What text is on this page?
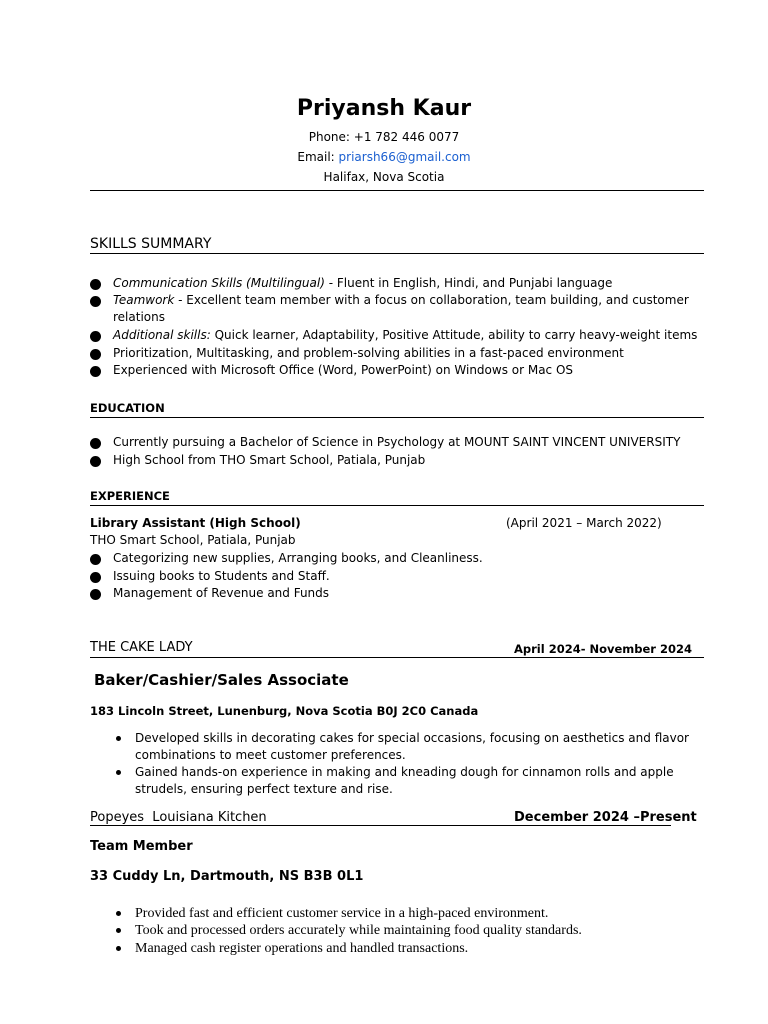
Priyansh Kaur
Phone: +1 782 446 0077
Email: priarsh66@gmail.com
Halifax, Nova Scotia
SKILLS SUMMARY
Communication Skills (Multilingual) - Fluent in English, Hindi, and Punjabi language
Teamwork - Excellent team member with a focus on collaboration, team building, and customer
relations
Additional skills: Quick learner, Adaptability, Positive Attitude, ability to carry heavy-weight items
Prioritization, Multitasking, and problem-solving abilities in a fast-paced environment
Experienced with Microsoft Office (Word, PowerPoint) on Windows or Mac OS
EDUCATION
Currently pursuing a Bachelor of Science in Psychology at MOUNT SAINT VINCENT UNIVERSITY
High School from THO Smart School, Patiala, Punjab
EXPERIENCE
Library Assistant (High School)	(April 2021 – March 2022)
THO Smart School, Patiala, Punjab
Categorizing new supplies, Arranging books, and Cleanliness.
Issuing books to Students and Staff.
Management of Revenue and Funds
THE CAKE LADY	April 2024- November 2024
Baker/Cashier/Sales Associate
183 Lincoln Street, Lunenburg, Nova Scotia B0J 2C0 Canada
Developed skills in decorating cakes for special occasions, focusing on aesthetics and flavor
combinations to meet customer preferences.
Gained hands-on experience in making and kneading dough for cinnamon rolls and apple
strudels, ensuring perfect texture and rise.
Popeyes  Louisiana Kitchen	December 2024 –Present
Team Member
33 Cuddy Ln, Dartmouth, NS B3B 0L1
Provided fast and efficient customer service in a high-paced environment.
Took and processed orders accurately while maintaining food quality standards.
Managed cash register operations and handled transactions.
